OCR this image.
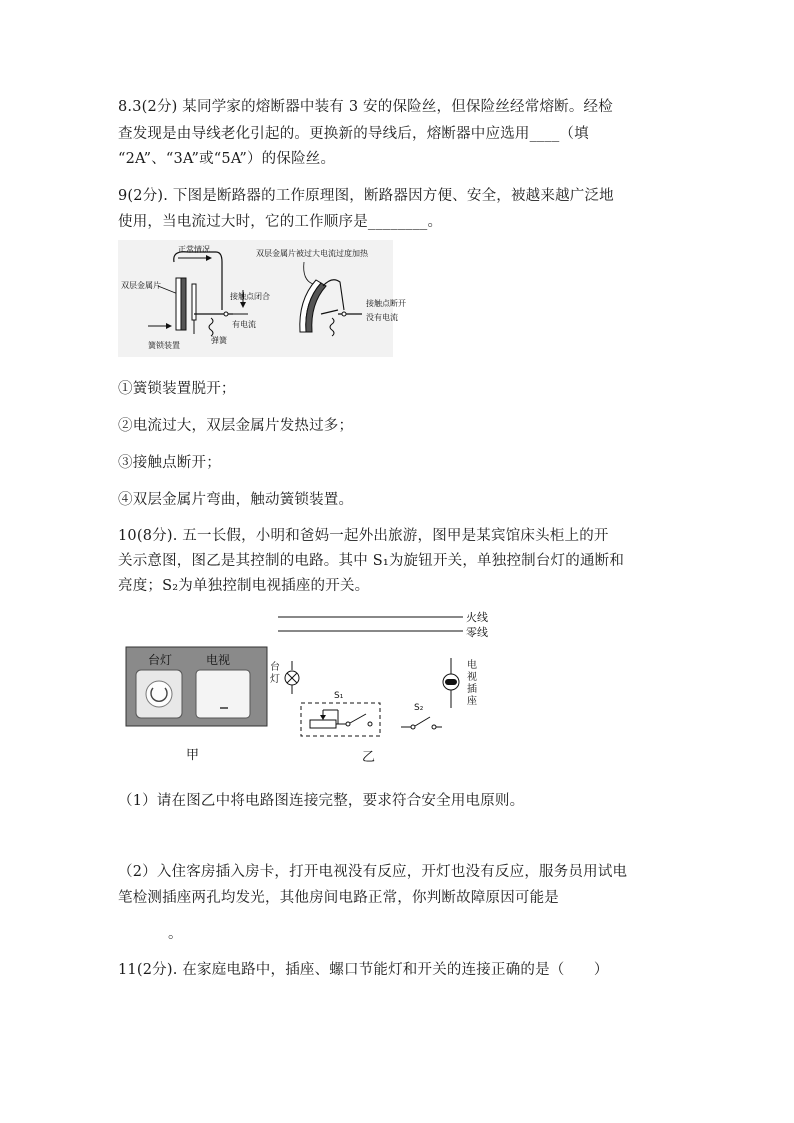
8.3(2分) 某同学家的熔断器中装有 3 安的保险丝，但保险丝经常熔断。经检
查发现是由导线老化引起的。更换新的导线后，熔断器中应选用____（填
“2A”、“3A”或“5A”）的保险丝。
9(2分). 下图是断路器的工作原理图，断路器因方便、安全，被越来越广泛地
使用，当电流过大时，它的工作顺序是________。
正常情况
双层金属片
接触点闭合
有电流
簧锁装置
弹簧
双层金属片被过大电流过度加热
接触点断开
没有电流
①簧锁装置脱开；
②电流过大，双层金属片发热过多；
③接触点断开；
④双层金属片弯曲，触动簧锁装置。
10(8分). 五一长假，小明和爸妈一起外出旅游，图甲是某宾馆床头柜上的开
关示意图，图乙是其控制的电路。其中 S₁为旋钮开关，单独控制台灯的通断和
亮度；S₂为单独控制电视插座的开关。
台灯	电视
甲
火线
零线
台
灯
S₁
S₂
电
视
插
座
乙
（1）请在图乙中将电路图连接完整，要求符合安全用电原则。
（2）入住客房插入房卡，打开电视没有反应，开灯也没有反应，服务员用试电
笔检测插座两孔均发光，其他房间电路正常，你判断故障原因可能是
。
11(2分). 在家庭电路中，插座、螺口节能灯和开关的连接正确的是（　　）
